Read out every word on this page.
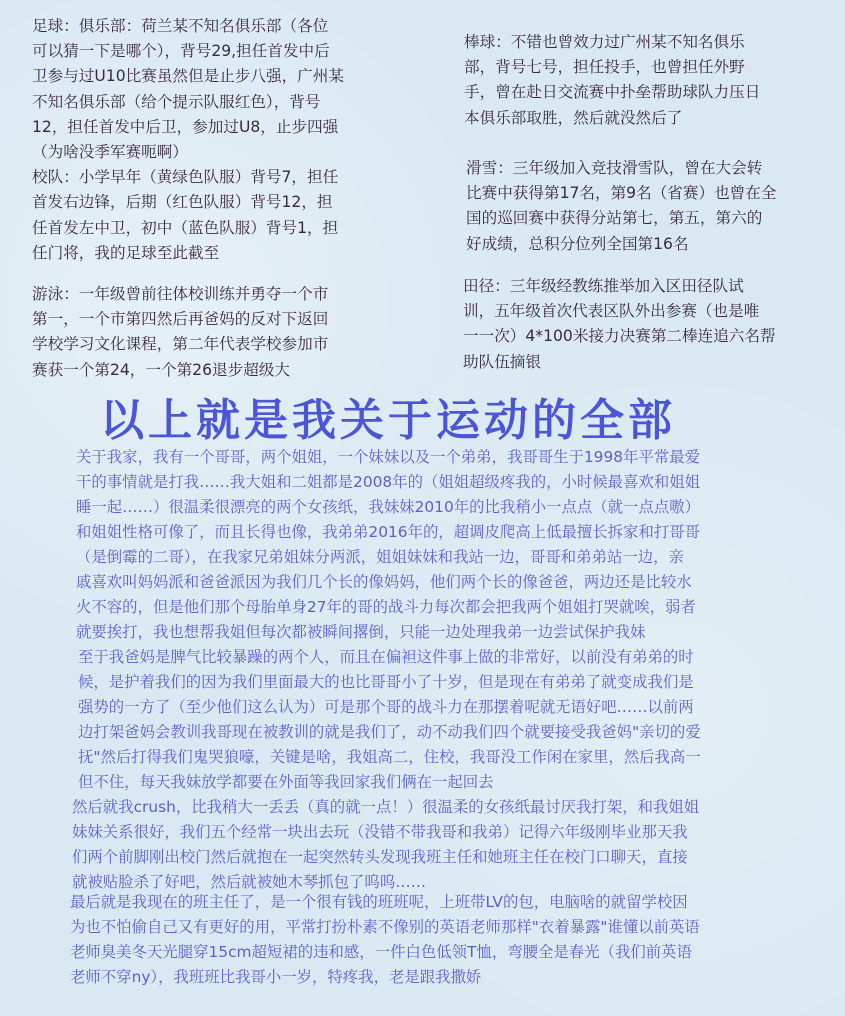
足球：俱乐部：荷兰某不知名俱乐部（各位
可以猜一下是哪个），背号29,担任首发中后
卫参与过U10比赛虽然但是止步八强，广州某
不知名俱乐部（给个提示队服红色），背号
12，担任首发中后卫，参加过U8，止步四强
（为啥没季军赛呃啊）
校队：小学早年（黄绿色队服）背号7，担任
首发右边锋，后期（红色队服）背号12，担
任首发左中卫，初中（蓝色队服）背号1，担
任门将，我的足球至此截至

棒球：不错也曾效力过广州某不知名俱乐
部，背号七号，担任投手，也曾担任外野
手，曾在赴日交流赛中扑垒帮助球队力压日
本俱乐部取胜，然后就没然后了

滑雪：三年级加入竞技滑雪队，曾在大会转
比赛中获得第17名，第9名（省赛）也曾在全
国的巡回赛中获得分站第七，第五，第六的
好成绩，总积分位列全国第16名

游泳：一年级曾前往体校训练并勇夺一个市
第一，一个市第四然后再爸妈的反对下返回
学校学习文化课程，第二年代表学校参加市
赛获一个第24，一个第26退步超级大

田径：三年级经教练推举加入区田径队试
训，五年级首次代表区队外出参赛（也是唯
一一次）4*100米接力决赛第二棒连追六名帮
助队伍摘银

以上就是我关于运动的全部

关于我家，我有一个哥哥，两个姐姐，一个妹妹以及一个弟弟，我哥哥生于1998年平常最爱
干的事情就是打我……我大姐和二姐都是2008年的（姐姐超级疼我的，小时候最喜欢和姐姐
睡一起……）很温柔很漂亮的两个女孩纸，我妹妹2010年的比我稍小一点点（就一点点嗷）
和姐姐性格可像了，而且长得也像，我弟弟2016年的，超调皮爬高上低最擅长拆家和打哥哥
（是倒霉的二哥），在我家兄弟姐妹分两派，姐姐妹妹和我站一边，哥哥和弟弟站一边，亲
戚喜欢叫妈妈派和爸爸派因为我们几个长的像妈妈，他们两个长的像爸爸，两边还是比较水
火不容的，但是他们那个母胎单身27年的哥的战斗力每次都会把我两个姐姐打哭就唉，弱者
就要挨打，我也想帮我姐但每次都被瞬间撂倒，只能一边处理我弟一边尝试保护我妹

至于我爸妈是脾气比较暴躁的两个人，而且在偏袒这件事上做的非常好，以前没有弟弟的时
候，是护着我们的因为我们里面最大的也比哥哥小了十岁，但是现在有弟弟了就变成我们是
强势的一方了（至少他们这么认为）可是那个哥的战斗力在那摆着呢就无语好吧……以前两
边打架爸妈会教训我哥现在被教训的就是我们了，动不动我们四个就要接受我爸妈"亲切的爱
抚"然后打得我们鬼哭狼嚎，关键是啥，我姐高二，住校，我哥没工作闲在家里，然后我高一
但不住，每天我妹放学都要在外面等我回家我们俩在一起回去

然后就我crush，比我稍大一丢丢（真的就一点！）很温柔的女孩纸最讨厌我打架，和我姐姐
妹妹关系很好，我们五个经常一块出去玩（没错不带我哥和我弟）记得六年级刚毕业那天我
们两个前脚刚出校门然后就抱在一起突然转头发现我班主任和她班主任在校门口聊天，直接
就被贴脸杀了好吧，然后就被她木琴抓包了呜呜……

最后就是我现在的班主任了，是一个很有钱的班班呢，上班带LV的包，电脑啥的就留学校因
为也不怕偷自己又有更好的用，平常打扮朴素不像别的英语老师那样"衣着暴露"谁懂以前英语
老师臭美冬天光腿穿15cm超短裙的违和感，一件白色低领T恤，弯腰全是春光（我们前英语
老师不穿ny），我班班比我哥小一岁，特疼我，老是跟我撒娇
